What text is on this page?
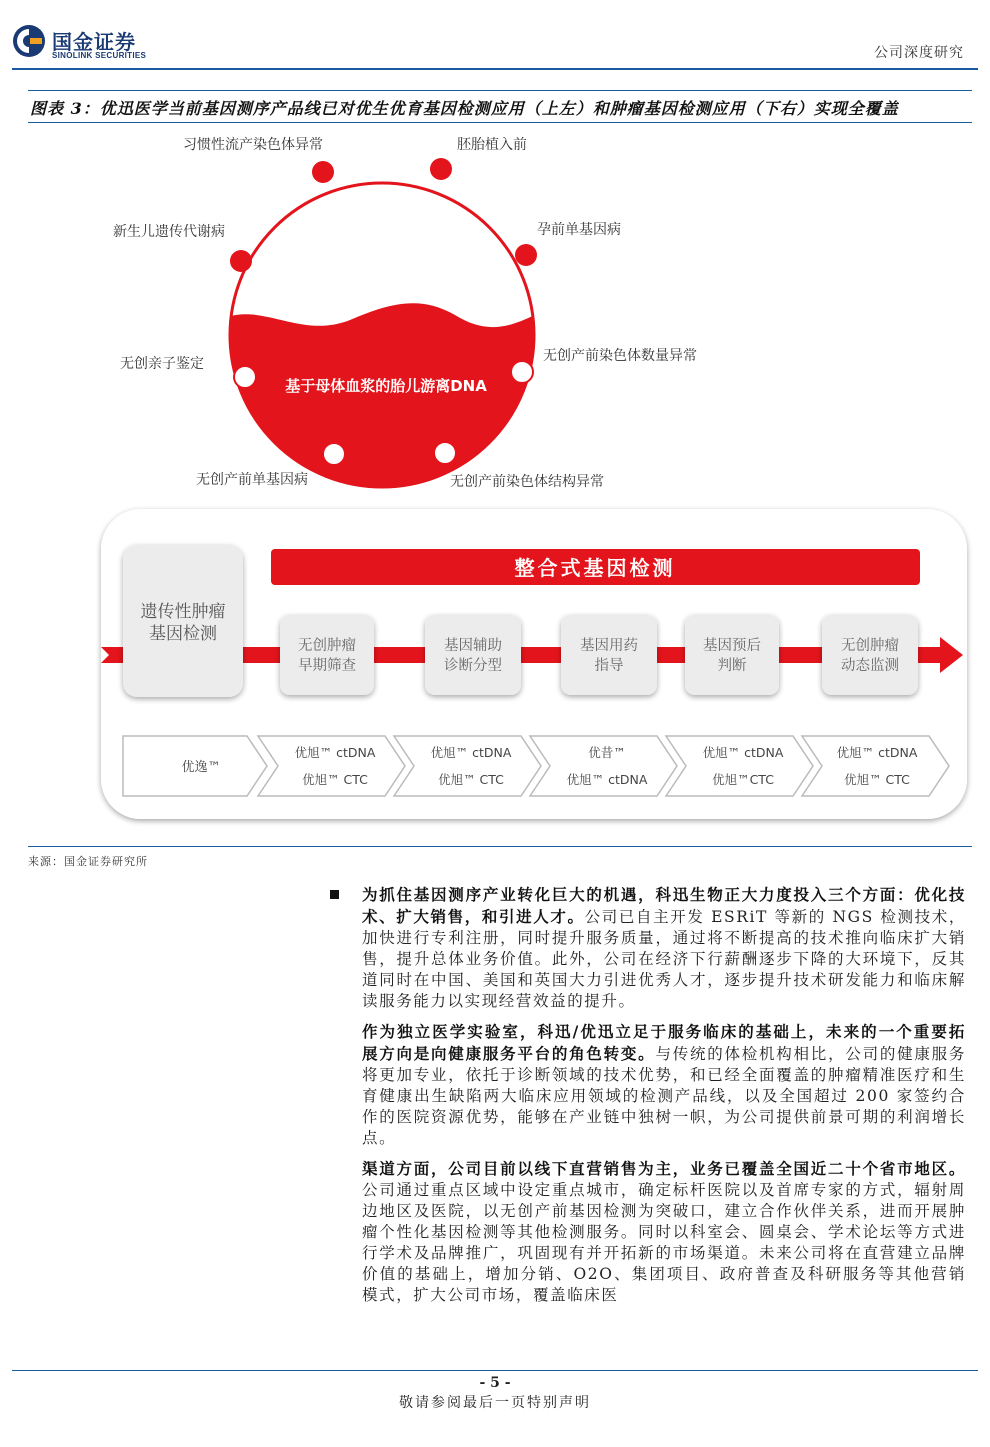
国金证券
SINOLINK SECURITIES	公司深度研究
图表 3：优迅医学当前基因测序产品线已对优生优育基因检测应用（上左）和肿瘤基因检测应用（下右）实现全覆盖
基于母体血浆的胎儿游离DNA
习惯性流产染色体异常	胚胎植入前
新生儿遗传代谢病	孕前单基因病
无创亲子鉴定	无创产前染色体数量异常
无创产前单基因病	无创产前染色体结构异常
整合式基因检测
遗传性肿瘤
基因检测
无创肿瘤
早期筛查
基因辅助
诊断分型
基因用药
指导
基因预后
判断
无创肿瘤
动态监测
优逸™
优旭™ ctDNA
优旭™ CTC
优旭™ ctDNA
优旭™ CTC
优昔™
优旭™ ctDNA
优旭™ ctDNA
优旭™CTC
优旭™ ctDNA
优旭™ CTC
来源：国金证券研究所
为抓住基因测序产业转化巨大的机遇，科迅生物正大力度投入三个方面：优化技术、扩大销售，和引进人才。公司已自主开发 ESRiT 等新的 NGS 检测技术，加快进行专利注册，同时提升服务质量，通过将不断提高的技术推向临床扩大销售，提升总体业务价值。此外，公司在经济下行薪酬逐步下降的大环境下，反其道同时在中国、美国和英国大力引进优秀人才，逐步提升技术研发能力和临床解读服务能力以实现经营效益的提升。
作为独立医学实验室，科迅/优迅立足于服务临床的基础上，未来的一个重要拓展方向是向健康服务平台的角色转变。与传统的体检机构相比，公司的健康服务将更加专业，依托于诊断领域的技术优势，和已经全面覆盖的肿瘤精准医疗和生育健康出生缺陷两大临床应用领域的检测产品线，以及全国超过 200 家签约合作的医院资源优势，能够在产业链中独树一帜，为公司提供前景可期的利润增长点。
渠道方面，公司目前以线下直营销售为主，业务已覆盖全国近二十个省市地区。公司通过重点区域中设定重点城市，确定标杆医院以及首席专家的方式，辐射周边地区及医院，以无创产前基因检测为突破口，建立合作伙伴关系，进而开展肿瘤个性化基因检测等其他检测服务。同时以科室会、圆桌会、学术论坛等方式进行学术及品牌推广，巩固现有并开拓新的市场渠道。未来公司将在直营建立品牌价值的基础上，增加分销、O2O、集团项目、政府普查及科研服务等其他营销模式，扩大公司市场，覆盖临床医
- 5 -
敬请参阅最后一页特别声明
